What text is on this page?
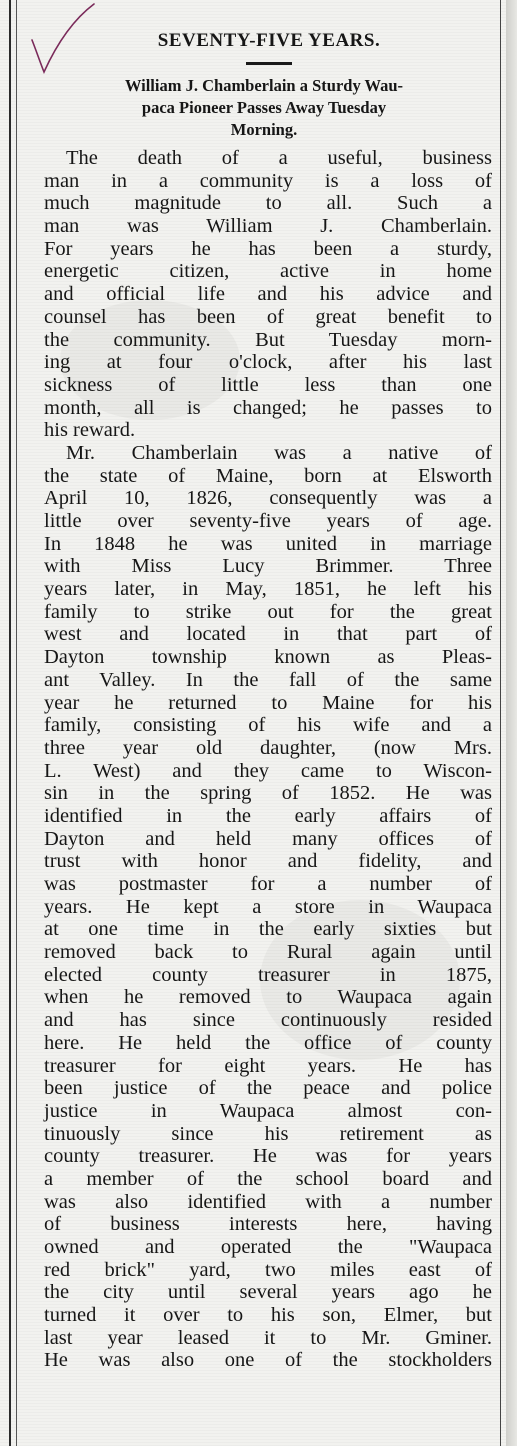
SEVENTY-FIVE YEARS.
William J. Chamberlain a Sturdy Wau-
paca Pioneer Passes Away Tuesday
Morning.
The death of a useful, business
man in a community is a loss of
much magnitude to all. Such a
man was William J. Chamberlain.
For years he has been a sturdy,
energetic citizen, active in home
and official life and his advice and
counsel has been of great benefit to
the community. But Tuesday morn-
ing at four o'clock, after his last
sickness of little less than one
month, all is changed; he passes to
his reward.
Mr. Chamberlain was a native of
the state of Maine, born at Elsworth
April 10, 1826, consequently was a
little over seventy-five years of age.
In 1848 he was united in marriage
with Miss Lucy Brimmer. Three
years later, in May, 1851, he left his
family to strike out for the great
west and located in that part of
Dayton township known as Pleas-
ant Valley. In the fall of the same
year he returned to Maine for his
family, consisting of his wife and a
three year old daughter, (now Mrs.
L. West) and they came to Wiscon-
sin in the spring of 1852. He was
identified in the early affairs of
Dayton and held many offices of
trust with honor and fidelity, and
was postmaster for a number of
years. He kept a store in Waupaca
at one time in the early sixties but
removed back to Rural again until
elected county treasurer in 1875,
when he removed to Waupaca again
and has since continuously resided
here. He held the office of county
treasurer for eight years. He has
been justice of the peace and police
justice in Waupaca almost con-
tinuously since his retirement as
county treasurer. He was for years
a member of the school board and
was also identified with a number
of business interests here, having
owned and operated the "Waupaca
red brick" yard, two miles east of
the city until several years ago he
turned it over to his son, Elmer, but
last year leased it to Mr. Gminer.
He was also one of the stockholders
